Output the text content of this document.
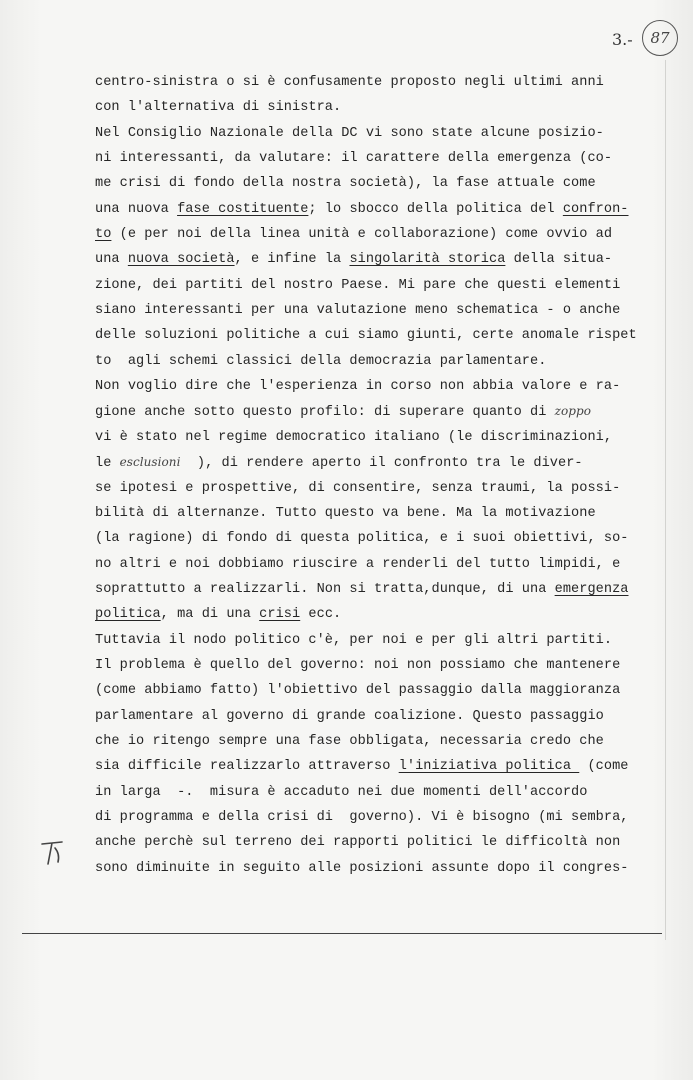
3.-	87
centro-sinistra o si è confusamente proposto negli ultimi anni
con l'alternativa di sinistra.
Nel Consiglio Nazionale della DC vi sono state alcune posizio-
ni interessanti, da valutare: il carattere della emergenza (co-
me crisi di fondo della nostra società), la fase attuale come
una nuova fase costituente; lo sbocco della politica del confron-
to (e per noi della linea unità e collaborazione) come ovvio ad
una nuova società, e infine la singolarità storica della situa-
zione, dei partiti del nostro Paese. Mi pare che questi elementi
siano interessanti per una valutazione meno schematica - o anche
delle soluzioni politiche a cui siamo giunti, certe anomale rispet
to  agli schemi classici della democrazia parlamentare.
Non voglio dire che l'esperienza in corso non abbia valore e ra-
gione anche sotto questo profilo: di superare quanto di zoppo
vi è stato nel regime democratico italiano (le discriminazioni,
le esclusioni  ), di rendere aperto il confronto tra le diver-
se ipotesi e prospettive, di consentire, senza traumi, la possi-
bilità di alternanze. Tutto questo va bene. Ma la motivazione
(la ragione) di fondo di questa politica, e i suoi obiettivi, so-
no altri e noi dobbiamo riuscire a renderli del tutto limpidi, e
soprattutto a realizzarli. Non si tratta,dunque, di una emergenza
politica, ma di una crisi ecc.
Tuttavia il nodo politico c'è, per noi e per gli altri partiti.
Il problema è quello del governo: noi non possiamo che mantenere
(come abbiamo fatto) l'obiettivo del passaggio dalla maggioranza
parlamentare al governo di grande coalizione. Questo passaggio
che io ritengo sempre una fase obbligata, necessaria credo che
sia difficile realizzarlo attraverso l'iniziativa politica  (come
in larga  -.  misura è accaduto nei due momenti dell'accordo
di programma e della crisi di  governo). Vi è bisogno (mi sembra,
anche perchè sul terreno dei rapporti politici le difficoltà non
sono diminuite in seguito alle posizioni assunte dopo il congres-
